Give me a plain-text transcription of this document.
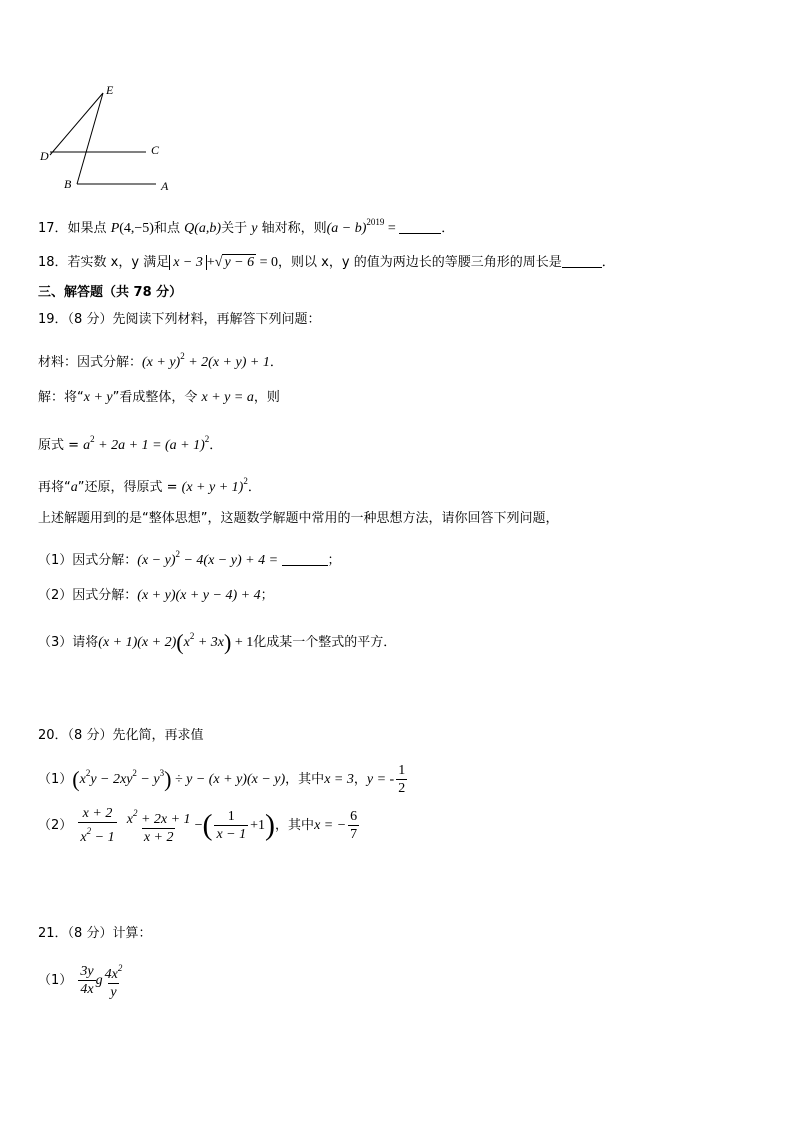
E
D	C
B	A
17．如果点 P(4,−5)和点 Q(a,b)关于 y 轴对称，则$(a - b)^{2019}$ =	．
18．若实数 x，y 满足 x − 3 +√ y − 6 = 0，则以 x，y 的值为两边长的等腰三角形的周长是	．
三、解答题（共 78 分）
19．（8 分）先阅读下列材料，再解答下列问题：
材料：因式分解：$(x + y)^2 + 2(x + y) + 1$．
解：将“x + y”看成整体，令 x + y = a，则
原式 = $a^2 + 2a + 1 = (a + 1)^2$．
再将“a”还原，得原式 = $(x + y + 1)^2$．
上述解题用到的是“整体思想”，这题数学解题中常用的一种思想方法，请你回答下列问题，
（1）因式分解：$(x - y)^2 - 4(x - y) + 4$ =	；
（2）因式分解：(x + y)(x + y − 4) + 4；
（3）请将$(x + 1)(x + 2)(x^2 + 3x) + 1$化成某一个整式的平方．
20．（8 分）先化简，再求值
$(1)(x^2y - 2xy^2 - y^3) \div y - (x + y)(x - y)$，其中x = 3，y = - $\frac{1}{2}$
$(2) \frac{x + 2}{x^2 - 1}$
$\frac{x^2 + 2x + 1}{x + 2}$ −( $\frac{1}{x - 1} +1$)，其中x = − $\frac{6}{7}$
21．（8 分）计算：
$(1) \frac{3y}{4x}$ g $\frac{4x^2}{y}$
